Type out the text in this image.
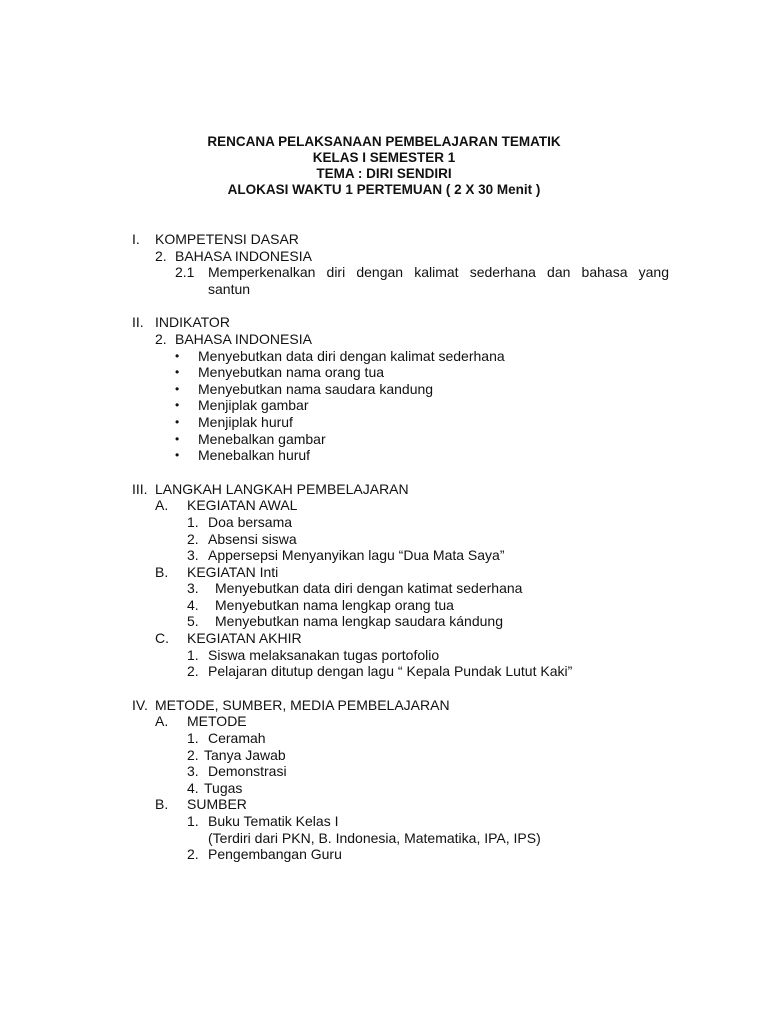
RENCANA PELAKSANAAN PEMBELAJARAN TEMATIK

KELAS I SEMESTER 1

TEMA : DIRI SENDIRI

ALOKASI WAKTU 1 PERTEMUAN ( 2 X 30 Menit )

I. KOMPETENSI DASAR
2. BAHASA INDONESIA
2.1 Memperkenalkan diri dengan kalimat sederhana dan bahasa yang
santun
II. INDIKATOR
2. BAHASA INDONESIA
• Menyebutkan data diri dengan kalimat sederhana
• Menyebutkan nama orang tua
• Menyebutkan nama saudara kandung
• Menjiplak gambar
• Menjiplak huruf
• Menebalkan gambar
• Menebalkan huruf
III. LANGKAH LANGKAH PEMBELAJARAN
A. KEGIATAN AWAL
1. Doa bersama
2. Absensi siswa
3. Appersepsi Menyanyikan lagu “Dua Mata Saya”
B. KEGIATAN Inti
3. Menyebutkan data diri dengan katimat sederhana
4. Menyebutkan nama lengkap orang tua
5. Menyebutkan nama lengkap saudara kándung
C. KEGIATAN AKHIR
1. Siswa melaksanakan tugas portofolio
2. Pelajaran ditutup dengan lagu “ Kepala Pundak Lutut Kaki”
IV. METODE, SUMBER, MEDIA PEMBELAJARAN
A. METODE
1. Ceramah
2. Tanya Jawab
3. Demonstrasi
4. Tugas
B. SUMBER
1. Buku Tematik Kelas I
(Terdiri dari PKN, B. Indonesia, Matematika, IPA, IPS)
2. Pengembangan Guru
